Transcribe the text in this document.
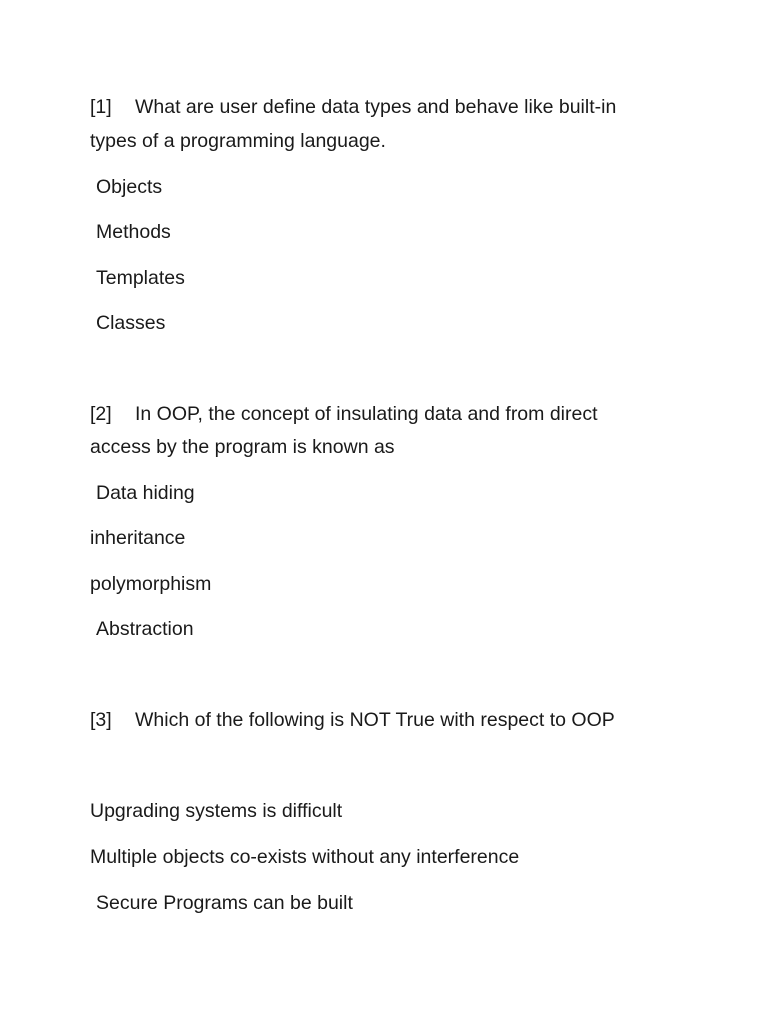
[1] What are user define data types and behave like built-in
types of a programming language.
Objects
Methods
Templates
Classes
[2] In OOP, the concept of insulating data and from direct
access by the program is known as
Data hiding
inheritance
polymorphism
Abstraction
[3] Which of the following is NOT True with respect to OOP
Upgrading systems is difficult
Multiple objects co-exists without any interference
Secure Programs can be built
